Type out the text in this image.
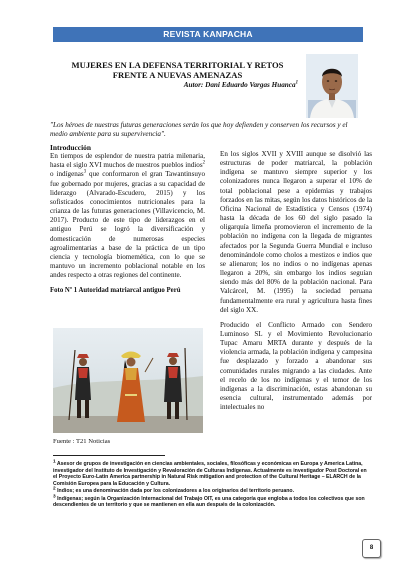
REVISTA KANPACHA
MUJERES EN LA DEFENSA TERRITORIAL Y RETOS FRENTE A NUEVAS AMENAZAS
Autor: Dani Eduardo Vargas Huanca$^1$
"Los héroes de nuestras futuras generaciones serán los que hoy defienden y conserven los recursos y el medio ambiente para su supervivencia".
Introducción

En tiempos de esplendor de nuestra patria milenaria, hasta el siglo XVI muchos de nuestros pueblos indios$^2$ o indígenas$^3$ que conformaron el gran Tawantinsuyo fue gobernado por mujeres, gracias a su capacidad de liderazgo (Alvarado-Escudero, 2015) y los sofisticados conocimientos nutricionales para la crianza de las futuras generaciones (Villavicencio, M. 2017). Producto de este tipo de liderazgos en el antiguo Perú se logró la diversificación y domesticación de numerosas especies agroalimentarias a base de la práctica de un tipo ciencia y tecnología biomemética, con lo que se mantuvo un incremento poblacional notable en los andes respecto a otras regiones del continente.

Foto Nº 1 Autoridad matriarcal antiguo Perú
Fuente : T21 Noticias

En los siglos XVII y XVIII aunque se disolvió las estructuras de poder matriarcal, la población indígena se mantuvo siempre superior y los colonizadores nunca llegaron a superar el 10% de total poblacional pese a epidemias y trabajos forzados en las mitas, según los datos históricos de la Oficina Nacional de Estadística y Censos (1974) hasta la década de los 60 del siglo pasado la oligarquía limeña promovieron el incremento de la población no indígena con la llegada de migrantes afectados por la Segunda Guerra Mundial e incluso denominándole como cholos a mestizos e indios que se alienaron; los no indios o no indígenas apenas llegaron a 20%, sin embargo los indios seguían siendo más del 80% de la población nacional. Para Valcárcel, M. (1995) la sociedad peruana fundamentalmente era rural y agricultura hasta fines del siglo XX.

Producido el Conflicto Armado con Sendero Luminoso SL y el Movimiento Revolucionario Tupac Amaru MRTA durante y después de la violencia armada, la población indígena y campesina fue desplazado y forzado a abandonar sus comunidades rurales migrando a las ciudades. Ante el recelo de los no indígenas y el temor de los indígenas a la discriminación, estas abandonan su esencia cultural, instrumentado además por intelectuales no

$^1$ Asesor de grupos de investigación en ciencias ambientales, sociales, filosóficas y económicas en Europa y America Latina, investigador del Instituto de Investigación y Revaloración de Culturas Indígenas. Actualmente es investigador Post Doctoral en el Proyecto Euro-Latin America partnership in Natural Risk mitigation and protection of the Cultural Heritage – ELARCH de la Comisión Europea para la Educación y Cultura.

$^2$ Indios; es una denominación dada por los colonizadores a los originarios del territorio peruano.

$^3$ Indígenas; según la Organización Internacional del Trabajo OIT, es una categoría que engloba a todos los colectivos que son descendientes de un territorio y que se mantienen en ella aun después de la colonización.

8
